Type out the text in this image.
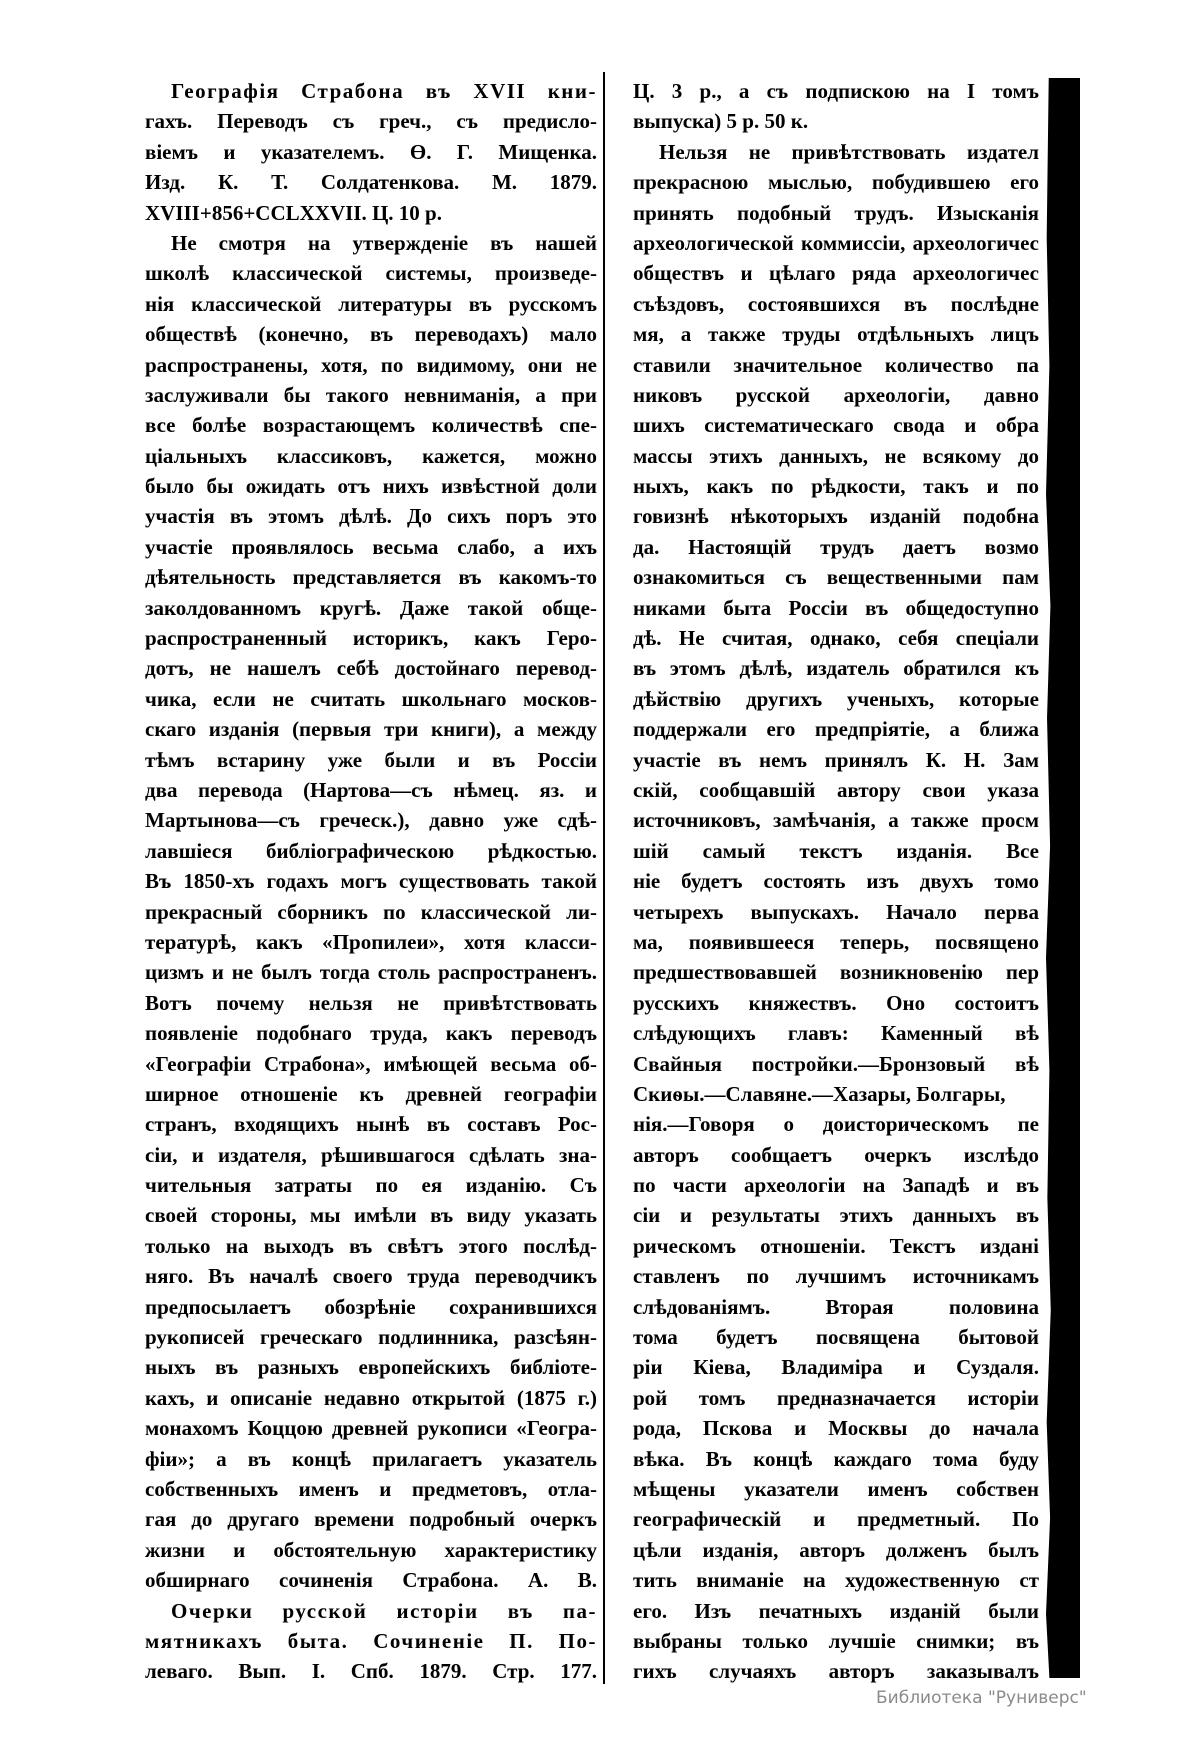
Географія Страбона въ XVII кни-
гахъ. Переводъ съ греч., съ предисло-
віемъ и указателемъ. Ө. Г. Мищенка.
Изд. К. Т. Солдатенкова. М. 1879.
XVIII+856+CCLXXVII. Ц. 10 р.
Не смотря на утвержденіе въ нашей
школѣ классической системы, произведе-
нія классической литературы въ русскомъ
обществѣ (конечно, въ переводахъ) мало
распространены, хотя, по видимому, они не
заслуживали бы такого невниманія, а при
все болѣе возрастающемъ количествѣ спе-
ціальныхъ классиковъ, кажется, можно
было бы ожидать отъ нихъ извѣстной доли
участія въ этомъ дѣлѣ. До сихъ поръ это
участіе проявлялось весьма слабо, а ихъ
дѣятельность представляется въ какомъ-то
заколдованномъ кругѣ. Даже такой обще-
распространенный историкъ, какъ Геро-
дотъ, не нашелъ себѣ достойнаго перевод-
чика, если не считать школьнаго москов-
скаго изданія (первыя три книги), а между
тѣмъ встарину уже были и въ Россіи
два перевода (Нартова—съ нѣмец. яз. и
Мартынова—съ греческ.), давно уже сдѣ-
лавшіеся библіографическою рѣдкостью.
Въ 1850-хъ годахъ могъ существовать такой
прекрасный сборникъ по классической ли-
тературѣ, какъ «Пропилеи», хотя класси-
цизмъ и не былъ тогда столь распространенъ.
Вотъ почему нельзя не привѣтствовать
появленіе подобнаго труда, какъ переводъ
«Географіи Страбона», имѣющей весьма об-
ширное отношеніе къ древней географіи
странъ, входящихъ нынѣ въ составъ Рос-
сіи, и издателя, рѣшившагося сдѣлать зна-
чительныя затраты по ея изданію. Съ
своей стороны, мы имѣли въ виду указать
только на выходъ въ свѣтъ этого послѣд-
няго. Въ началѣ своего труда переводчикъ
предпосылаетъ обозрѣніе сохранившихся
рукописей греческаго подлинника, разсѣян-
ныхъ въ разныхъ европейскихъ библіоте-
кахъ, и описаніе недавно открытой (1875 г.)
монахомъ Коццою древней рукописи «Геогра-
фіи»; а въ концѣ прилагаетъ указатель
собственныхъ именъ и предметовъ, отла-
гая до другаго времени подробный очеркъ
жизни и обстоятельную характеристику
обширнаго сочиненія Страбона. А. В.
Очерки русской исторіи въ па-
мятникахъ быта. Сочиненіе П. По-
леваго. Вып. I. Спб. 1879. Стр. 177.
Ц. 3 р., а съ подпискою на I томъ
выпуска) 5 р. 50 к.
Нельзя не привѣтствовать издател
прекрасною мыслью, побудившею его
принять подобный трудъ. Изысканія
археологической коммиссіи, археологичес
обществъ и цѣлаго ряда археологичес
съѣздовъ, состоявшихся въ послѣдне
мя, а также труды отдѣльныхъ лицъ
ставили значительное количество па
никовъ русской археологіи, давно
шихъ систематическаго свода и обра
массы этихъ данныхъ, не всякому до
ныхъ, какъ по рѣдкости, такъ и по
говизнѣ нѣкоторыхъ изданій подобна
да. Настоящій трудъ даетъ возмо
ознакомиться съ вещественными пам
никами быта Россіи въ общедоступно
дѣ. Не считая, однако, себя спеціали
въ этомъ дѣлѣ, издатель обратился къ
дѣйствію другихъ ученыхъ, которые
поддержали его предпріятіе, а ближа
участіе въ немъ принялъ К. Н. Зам
скій, сообщавшій автору свои указа
источниковъ, замѣчанія, а также просм
шій самый текстъ изданія. Все
ніе будетъ состоять изъ двухъ томо
четырехъ выпускахъ. Начало перва
ма, появившееся теперь, посвящено
предшествовавшей возникновенію пер
русскихъ княжествъ. Оно состоитъ
слѣдующихъ главъ: Каменный вѣ
Свайныя постройки.—Бронзовый вѣ
Скиѳы.—Славяне.—Хазары, Болгары,
нія.—Говоря о доисторическомъ пе
авторъ сообщаетъ очеркъ изслѣдо
по части археологіи на Западѣ и въ
сіи и результаты этихъ данныхъ въ
рическомъ отношеніи. Текстъ издані
ставленъ по лучшимъ источникамъ
слѣдованіямъ. Вторая половина
тома будетъ посвящена бытовой
ріи Кіева, Владиміра и Суздаля.
рой томъ предназначается исторіи
рода, Пскова и Москвы до начала
вѣка. Въ концѣ каждаго тома буду
мѣщены указатели именъ собствен
географическій и предметный. По
цѣли изданія, авторъ долженъ былъ
тить вниманіе на художественную ст
его. Изъ печатныхъ изданій были
выбраны только лучшіе снимки; въ
гихъ случаяхъ авторъ заказывалъ
Библиотека "Руниверс"
